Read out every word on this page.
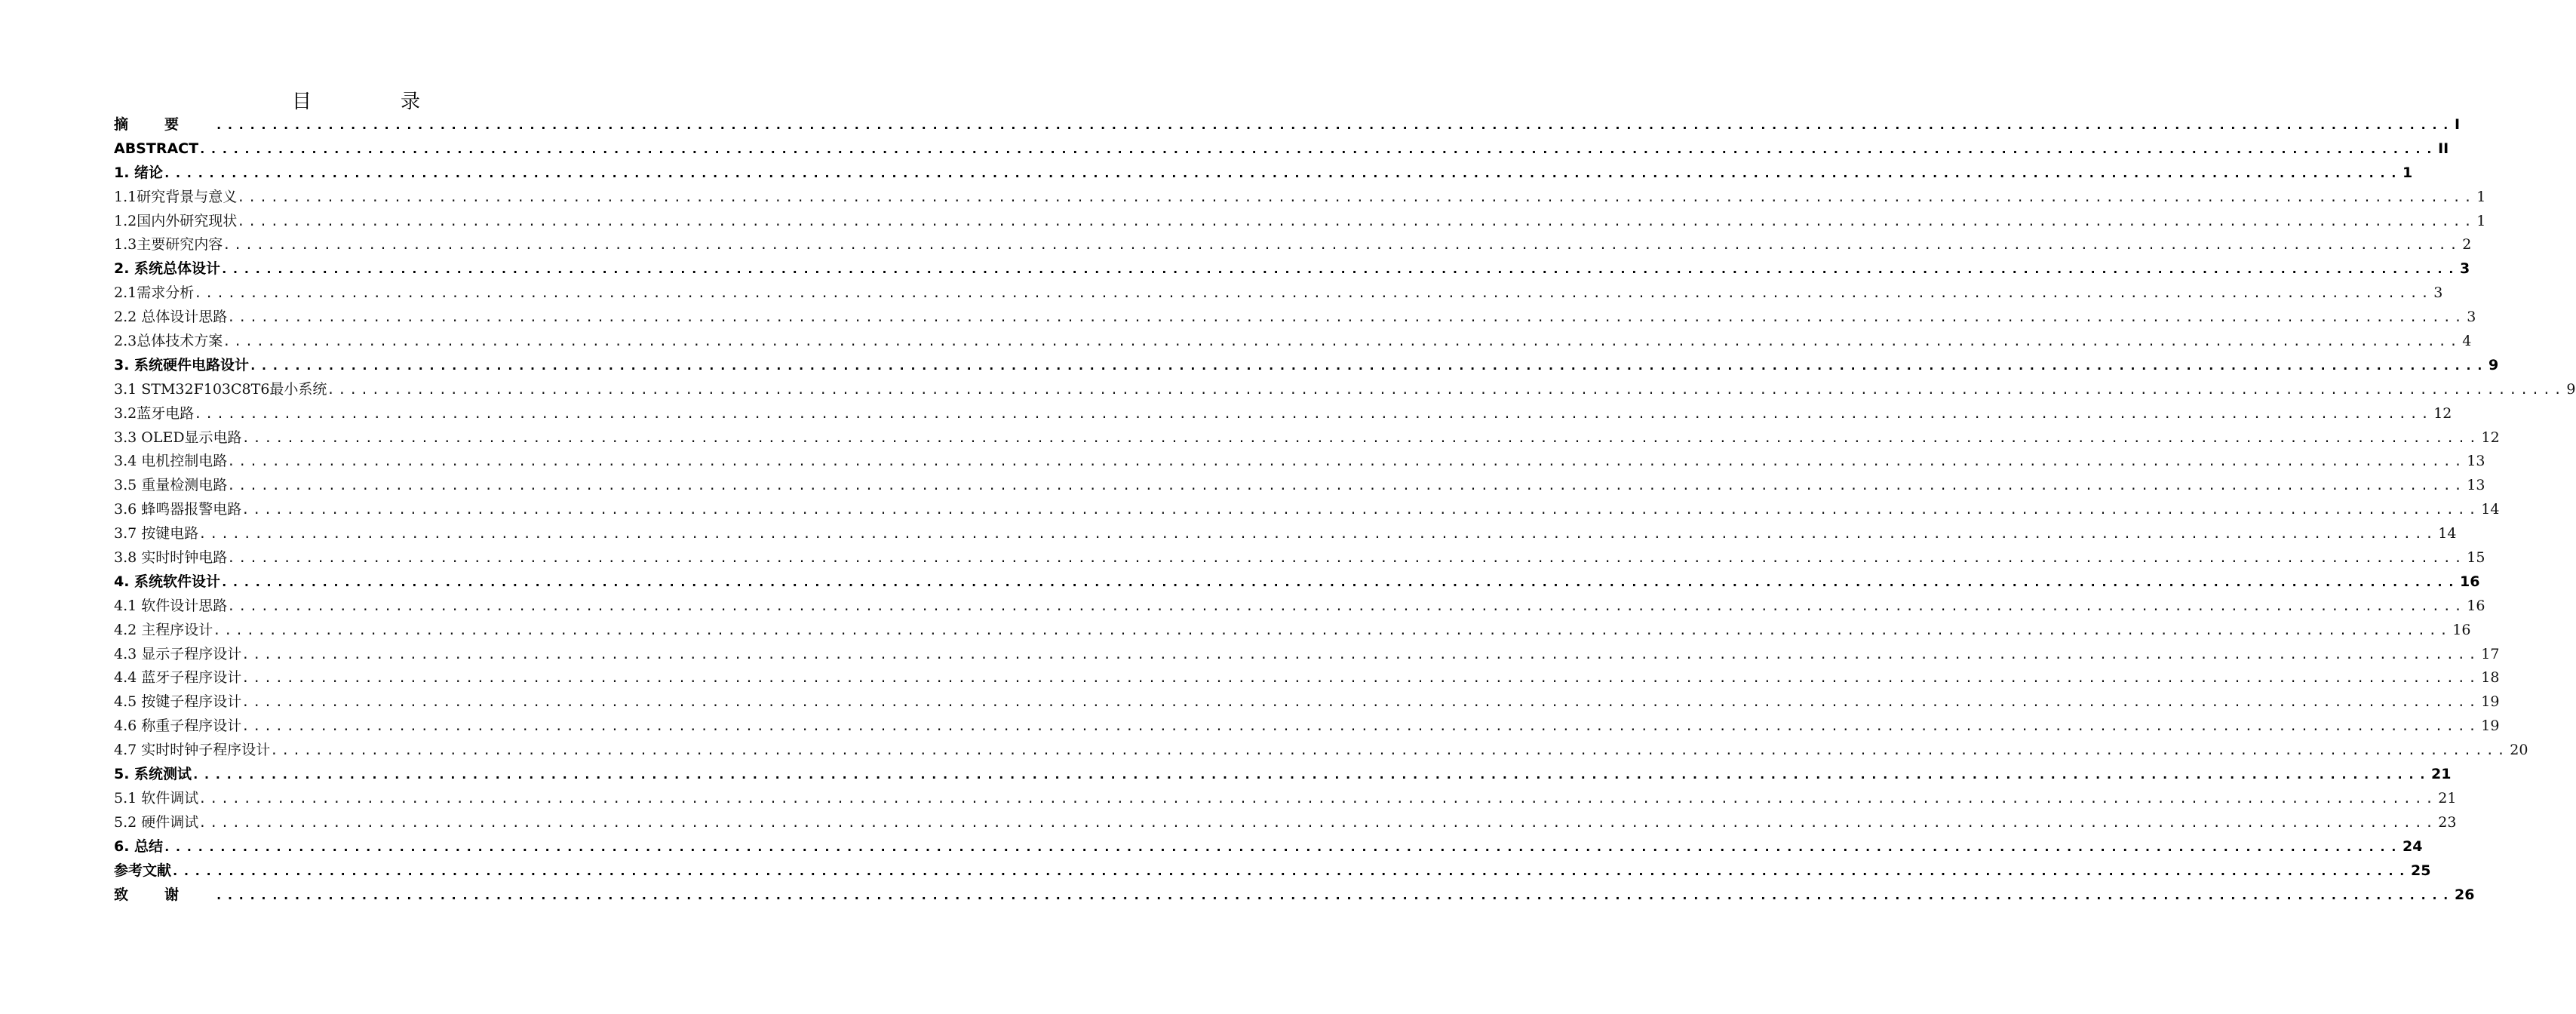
目　录
摘要 ........................................................................................................................................................................................................ I
ABSTRACT ........................................................................................................................................................................................................ II
1. 绪论 ........................................................................................................................................................................................................ 1
1.1研究背景与意义 ........................................................................................................................................................................................................ 1
1.2国内外研究现状 ........................................................................................................................................................................................................ 1
1.3主要研究内容 ........................................................................................................................................................................................................ 2
2. 系统总体设计 ........................................................................................................................................................................................................ 3
2.1需求分析 ........................................................................................................................................................................................................ 3
2.2 总体设计思路 ........................................................................................................................................................................................................ 3
2.3总体技术方案 ........................................................................................................................................................................................................ 4
3. 系统硬件电路设计 ........................................................................................................................................................................................................ 9
3.1 STM32F103C8T6最小系统 ........................................................................................................................................................................................................ 9
3.2蓝牙电路 ........................................................................................................................................................................................................ 12
3.3 OLED显示电路 ........................................................................................................................................................................................................ 12
3.4 电机控制电路 ........................................................................................................................................................................................................ 13
3.5 重量检测电路 ........................................................................................................................................................................................................ 13
3.6 蜂鸣器报警电路 ........................................................................................................................................................................................................ 14
3.7 按键电路 ........................................................................................................................................................................................................ 14
3.8 实时时钟电路 ........................................................................................................................................................................................................ 15
4. 系统软件设计 ........................................................................................................................................................................................................ 16
4.1 软件设计思路 ........................................................................................................................................................................................................ 16
4.2 主程序设计 ........................................................................................................................................................................................................ 16
4.3 显示子程序设计 ........................................................................................................................................................................................................ 17
4.4 蓝牙子程序设计 ........................................................................................................................................................................................................ 18
4.5 按键子程序设计 ........................................................................................................................................................................................................ 19
4.6 称重子程序设计 ........................................................................................................................................................................................................ 19
4.7 实时时钟子程序设计 ........................................................................................................................................................................................................ 20
5. 系统测试 ........................................................................................................................................................................................................ 21
5.1 软件调试 ........................................................................................................................................................................................................ 21
5.2 硬件调试 ........................................................................................................................................................................................................ 23
6. 总结 ........................................................................................................................................................................................................ 24
参考文献 ........................................................................................................................................................................................................ 25
致谢 ........................................................................................................................................................................................................ 26
